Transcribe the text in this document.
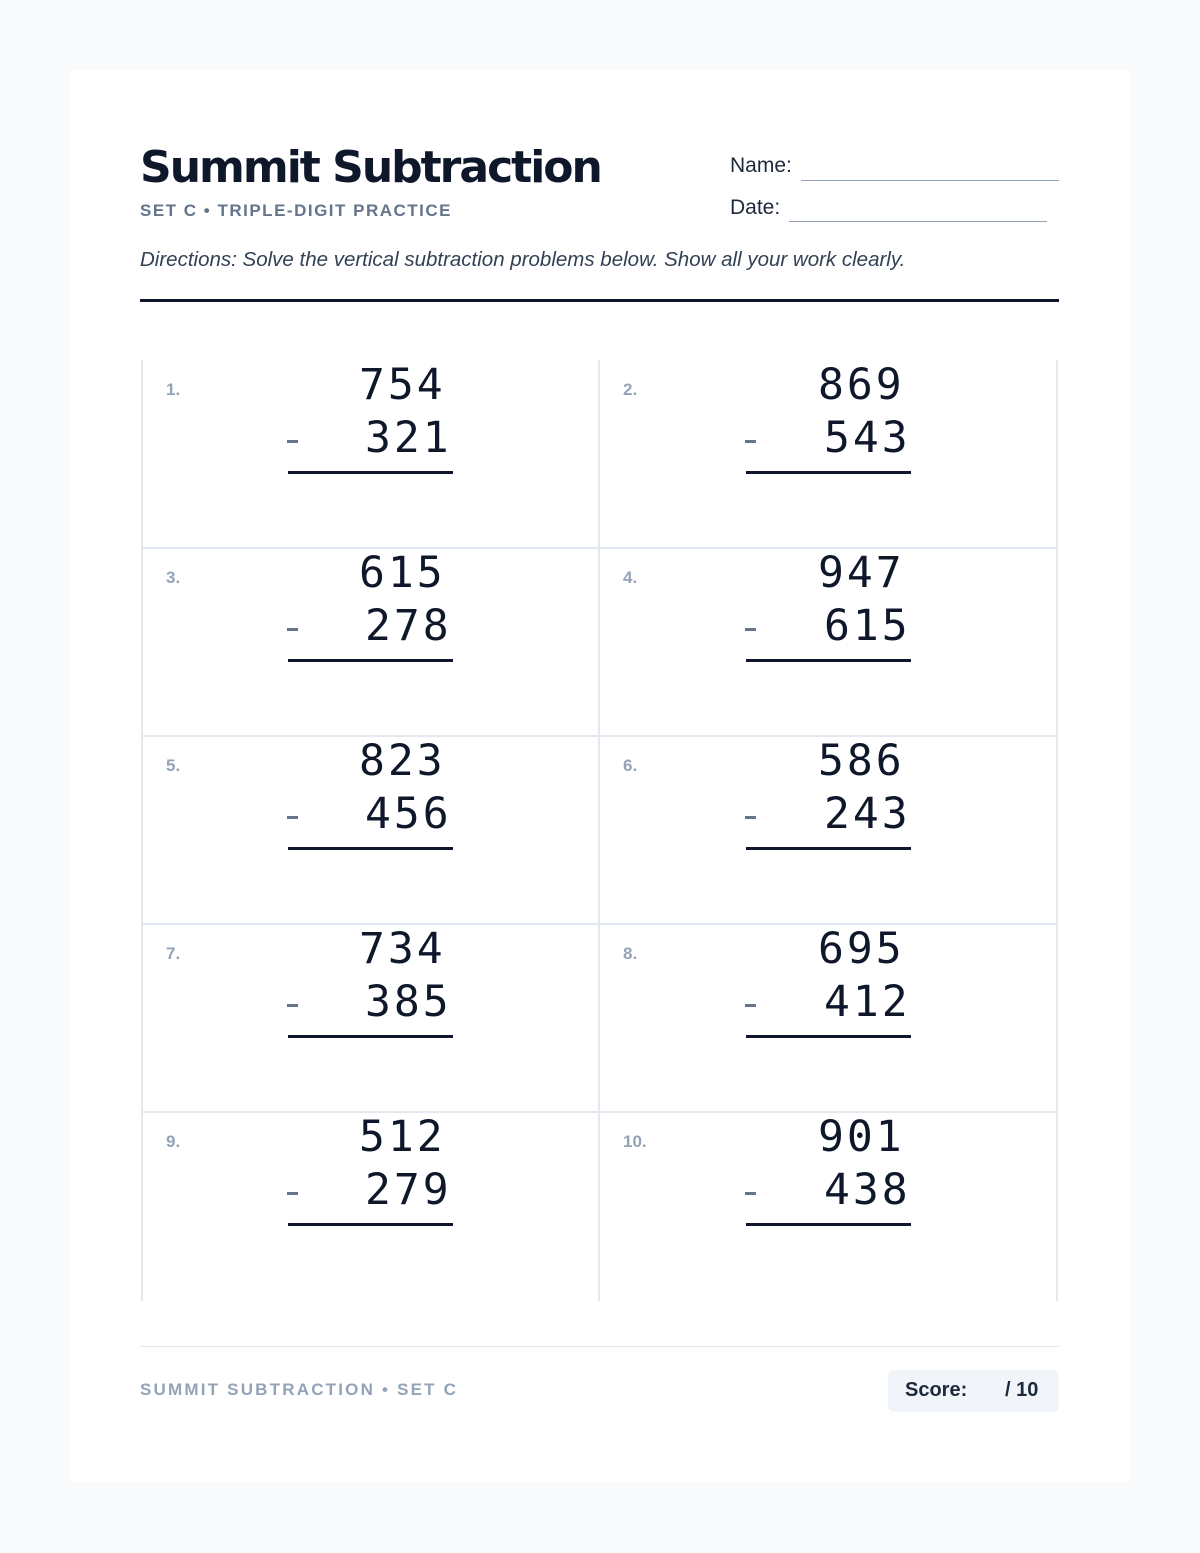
Summit Subtraction
SET C • TRIPLE-DIGIT PRACTICE
Name:
Date:
Directions: Solve the vertical subtraction problems below. Show all your work clearly.
1.	754
321
2.	869
543
3.	615
278
4.	947
615
5.	823
456
6.	586
243
7.	734
385
8.	695
412
9.	512
279
10.	901
438
SUMMIT SUBTRACTION • SET C	Score: / 10
